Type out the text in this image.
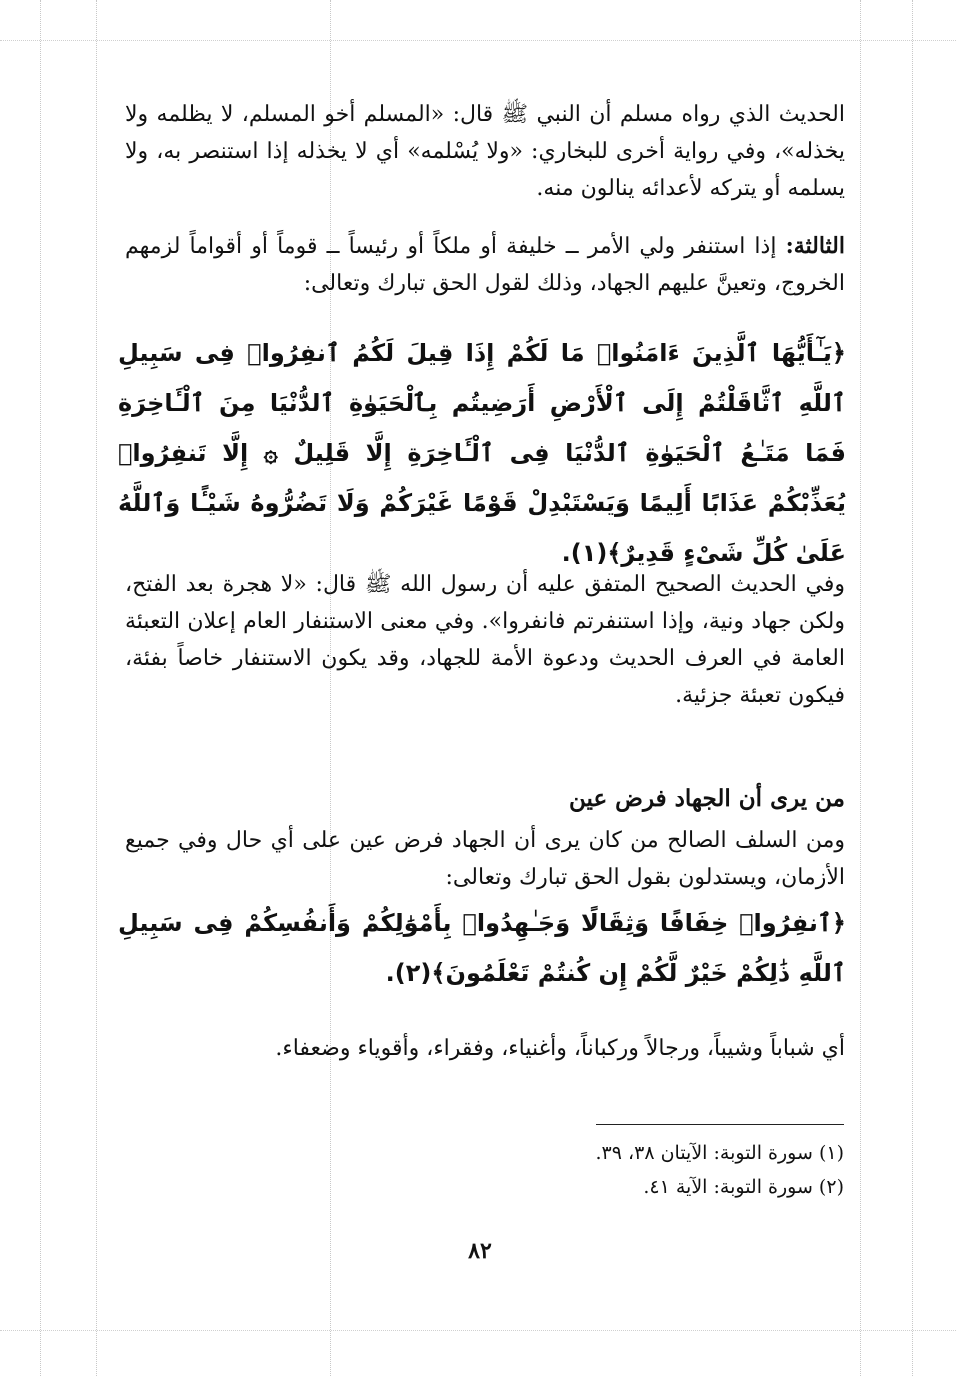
الحديث الذي رواه مسلم أن النبي ﷺ قال: «المسلم أخو المسلم، لا يظلمه ولا يخذله»، وفي رواية أخرى للبخاري: «ولا يُسْلمه» أي لا يخذله إذا استنصر به، ولا يسلمه أو يتركه لأعدائه ينالون منه.

الثالثة: إذا استنفر ولي الأمر ــ خليفة أو ملكاً أو رئيساً ــ قوماً أو أقواماً لزمهم الخروج، وتعينَّ عليهم الجهاد، وذلك لقول الحق تبارك وتعالى:

﴿يَـٰٓأَيُّهَا ٱلَّذِينَ ءَامَنُوا۟ مَا لَكُمْ إِذَا قِيلَ لَكُمُ ٱنفِرُوا۟ فِى سَبِيلِ ٱللَّهِ ٱثَّاقَلْتُمْ إِلَى ٱلْأَرْضِ أَرَضِيتُم بِٱلْحَيَوٰةِ ٱلدُّنْيَا مِنَ ٱلْـَٔاخِرَةِ فَمَا مَتَـٰعُ ٱلْحَيَوٰةِ ٱلدُّنْيَا فِى ٱلْـَٔاخِرَةِ إِلَّا قَلِيلٌ ۞ إِلَّا تَنفِرُوا۟ يُعَذِّبْكُمْ عَذَابًا أَلِيمًا وَيَسْتَبْدِلْ قَوْمًا غَيْرَكُمْ وَلَا تَضُرُّوهُ شَيْـًٔا وَٱللَّهُ عَلَىٰ كُلِّ شَىْءٍ قَدِيرٌ﴾(١).

وفي الحديث الصحيح المتفق عليه أن رسول الله ﷺ قال: «لا هجرة بعد الفتح، ولكن جهاد ونية، وإذا استنفرتم فانفروا». وفي معنى الاستنفار العام إعلان التعبئة العامة في العرف الحديث ودعوة الأمة للجهاد، وقد يكون الاستنفار خاصاً بفئة، فيكون تعبئة جزئية.

من يرى أن الجهاد فرض عين

ومن السلف الصالح من كان يرى أن الجهاد فرض عين على أي حال وفي جميع الأزمان، ويستدلون بقول الحق تبارك وتعالى:

﴿ٱنفِرُوا۟ خِفَافًا وَثِقَالًا وَجَـٰهِدُوا۟ بِأَمْوَٰلِكُمْ وَأَنفُسِكُمْ فِى سَبِيلِ ٱللَّهِ ذَٰلِكُمْ خَيْرٌ لَّكُمْ إِن كُنتُمْ تَعْلَمُونَ﴾(٢).

أي شباباً وشيباً، ورجالاً وركباناً، وأغنياء، وفقراء، وأقوياء وضعفاء.

(١) سورة التوبة: الآيتان ٣٨، ٣٩.
(٢) سورة التوبة: الآية ٤١.
٨٢
